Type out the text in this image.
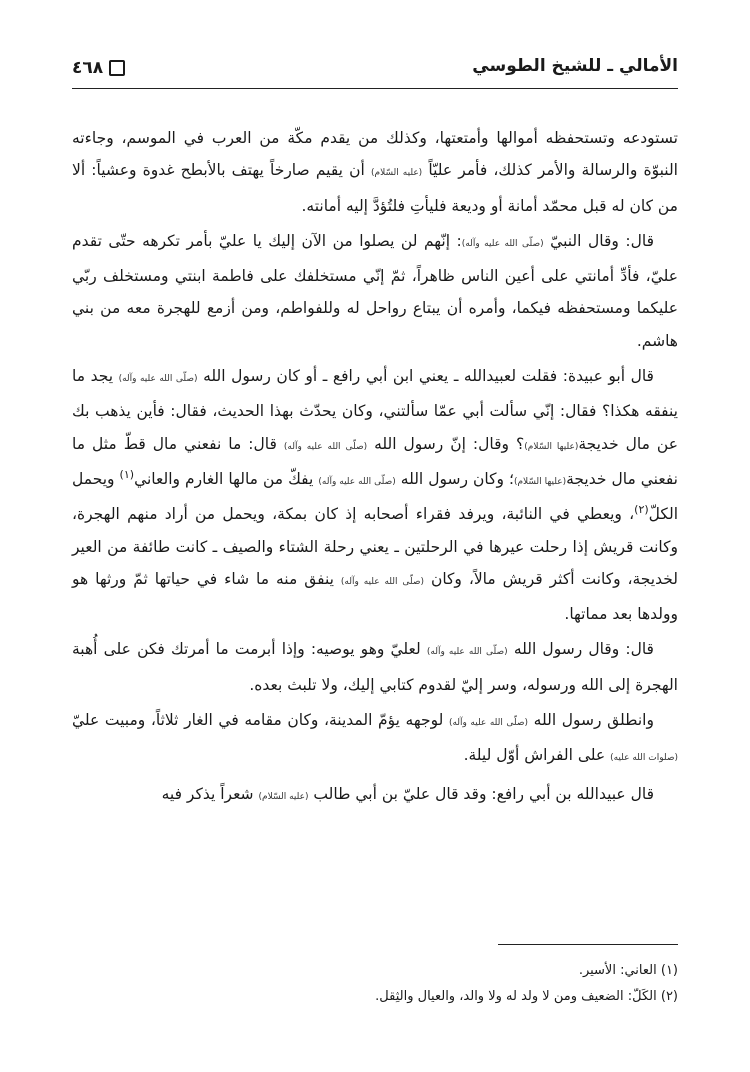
٤٦٨	الأمالي ـ للشيخ الطوسي

تستودعه وتستحفظه أموالها وأمتعتها، وكذلك من يقدم مكّة من العرب في الموسم، وجاءته النبوّة والرسالة والأمر كذلك، فأمر عليّاً (عليه السّلام) أن يقيم صارخاً يهتف بالأبطح غدوة وعشياً: ألا من كان له قبل محمّد أمانة أو وديعة فليأتِ فلتُؤدَّ إليه أمانته.

قال: وقال النبيّ (صلّى الله عليه وآله): إنّهم لن يصلوا من الآن إليك يا عليّ بأمر تكرهه حتّى تقدم عليّ، فأدِّ أمانتي على أعين الناس ظاهراً، ثمّ إنّي مستخلفك على فاطمة ابنتي ومستخلف ربّي عليكما ومستحفظه فيكما، وأمره أن يبتاع رواحل له وللفواطم، ومن أزمع للهجرة معه من بني هاشم.

قال أبو عبيدة: فقلت لعبيدالله ـ يعني ابن أبي رافع ـ أو كان رسول الله (صلّى الله عليه وآله) يجد ما ينفقه هكذا؟ فقال: إنّي سألت أبي عمّا سألتني، وكان يحدّث بهذا الحديث، فقال: فأين يذهب بك عن مال خديجة(عليها السّلام)؟ وقال: إنّ رسول الله (صلّى الله عليه وآله) قال: ما نفعني مال قطّ مثل ما نفعني مال خديجة(عليها السّلام)؛ وكان رسول الله (صلّى الله عليه وآله) يفكّ من مالها الغارم والعاني$^{(١)}$ ويحمل الكلّ$^{(٢)}$، ويعطي في النائبة، ويرفد فقراء أصحابه إذ كان بمكة، ويحمل من أراد منهم الهجرة، وكانت قريش إذا رحلت عيرها في الرحلتين ـ يعني رحلة الشتاء والصيف ـ كانت طائفة من العير لخديجة، وكانت أكثر قريش مالاً، وكان (صلّى الله عليه وآله) ينفق منه ما شاء في حياتها ثمّ ورثها هو وولدها بعد مماتها.

قال: وقال رسول الله (صلّى الله عليه وآله) لعليّ وهو يوصيه: وإذا أبرمت ما أمرتك فكن على أُهبة الهجرة إلى الله ورسوله، وسر إليّ لقدوم كتابي إليك، ولا تلبث بعده.

وانطلق رسول الله (صلّى الله عليه وآله) لوجهه يؤمّ المدينة، وكان مقامه في الغار ثلاثاً، ومبيت عليّ (صلوات الله عليه) على الفراش أوّل ليلة.

قال عبيدالله بن أبي رافع: وقد قال عليّ بن أبي طالب (عليه السّلام) شعراً يذكر فيه

(١) العاني: الأسير.
(٢) الكَلّ: الضعيف ومن لا ولد له ولا والد، والعيال والثِقل.
